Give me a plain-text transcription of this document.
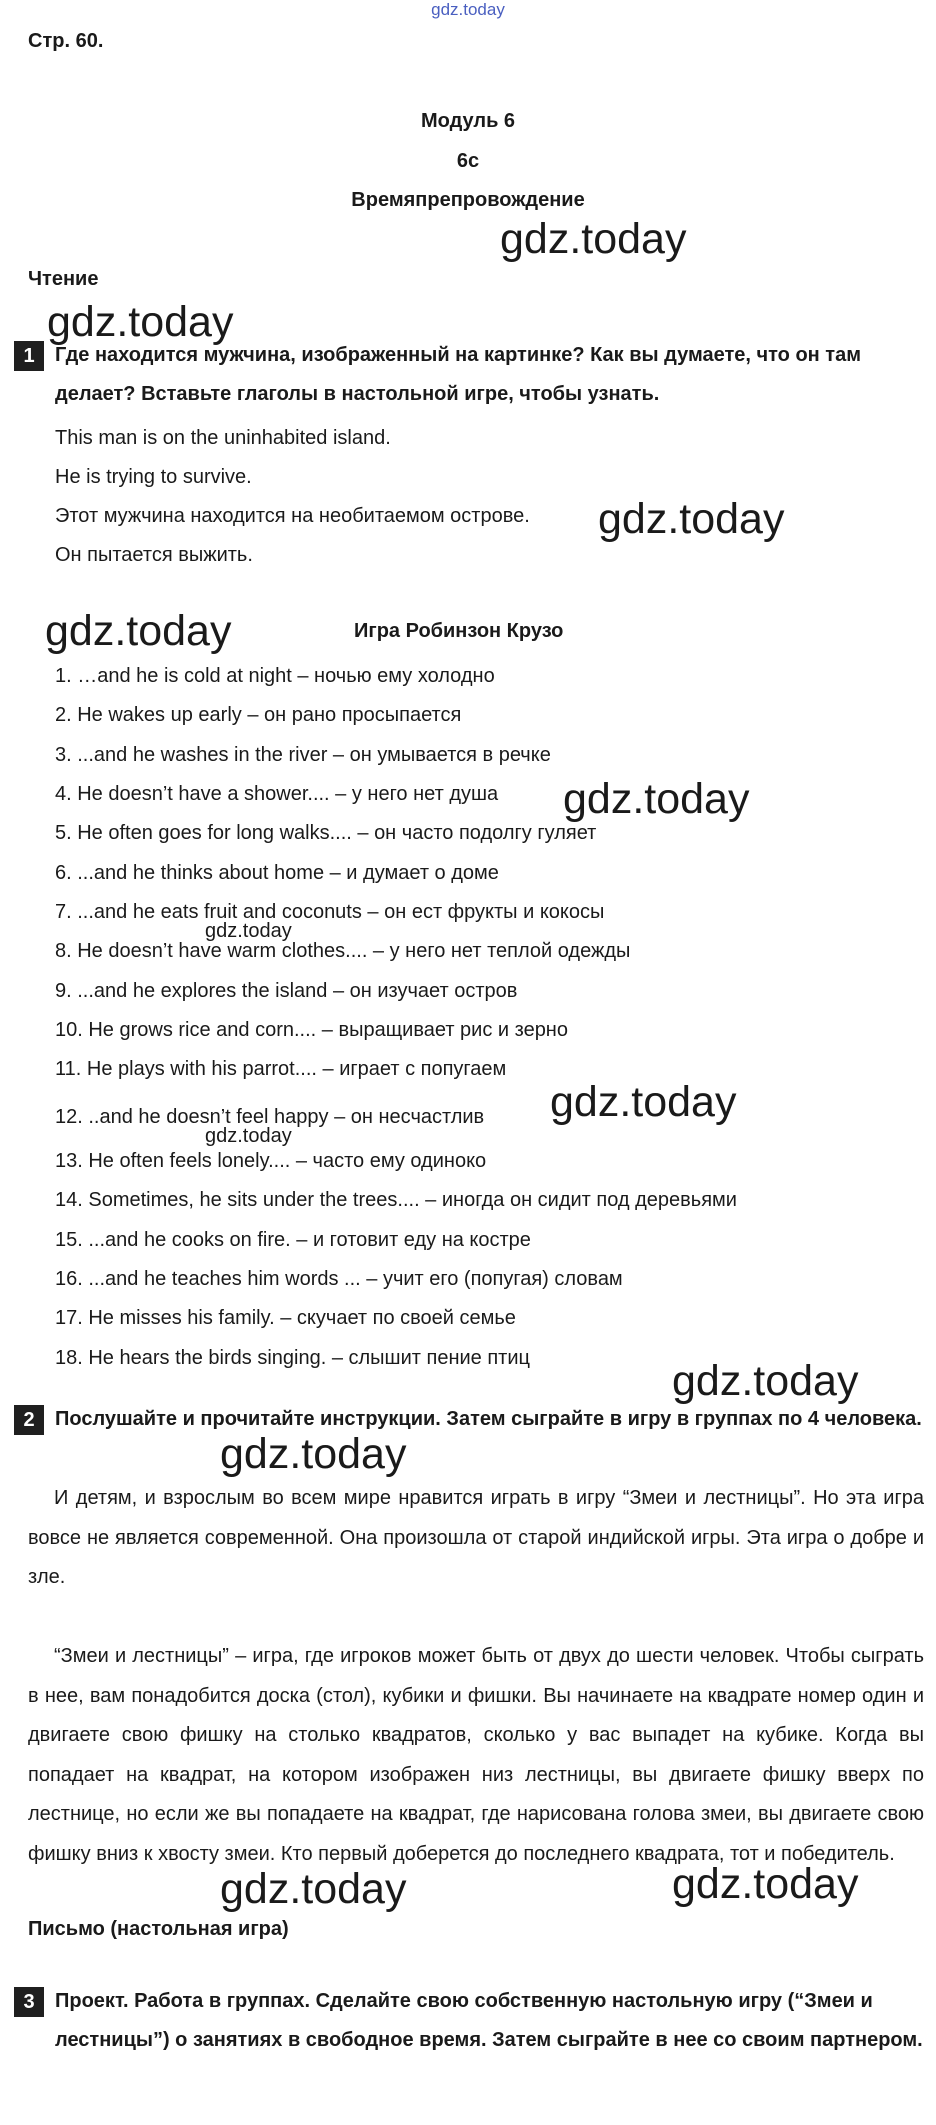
gdz.today
Стр. 60.
Модуль 6
6c
Времяпрепровождение
Чтение
1	Где находится мужчина, изображенный на картинке? Как вы думаете, что он там делает? Вставьте глаголы в настольной игре, чтобы узнать.
This man is on the uninhabited island.
He is trying to survive.
Этот мужчина находится на необитаемом острове.
Он пытается выжить.
Игра Робинзон Крузо
1. …and he is cold at night – ночью ему холодно
2. He wakes up early – он рано просыпается
3. ...and he washes in the river – он умывается в речке
4. He doesn’t have a shower.... – у него нет душа
5. He often goes for long walks.... – он часто подолгу гуляет
6. ...and he thinks about home – и думает о доме
7. ...and he eats fruit and coconuts – он ест фрукты и кокосы
8. He doesn’t have warm clothes.... – у него нет теплой одежды
9. ...and he explores the island – он изучает остров
10. He grows rice and corn.... – выращивает рис и зерно
11. He plays with his parrot.... – играет с попугаем
12. ..and he doesn’t feel happy – он несчастлив
13. He often feels lonely.... – часто ему одиноко
14. Sometimes, he sits under the trees.... – иногда он сидит под деревьями
15. ...and he cooks on fire. – и готовит еду на костре
16. ...and he teaches him words ... – учит его (попугая) словам
17. He misses his family. – скучает по своей семье
18. He hears the birds singing. – слышит пение птиц
2	Послушайте и прочитайте инструкции. Затем сыграйте в игру в группах по 4 человека.
И детям, и взрослым во всем мире нравится играть в игру “Змеи и лестницы”. Но эта игра вовсе не является современной. Она произошла от старой индийской игры. Эта игра о добре и зле.
“Змеи и лестницы” – игра, где игроков может быть от двух до шести человек. Чтобы сыграть в нее, вам понадобится доска (стол), кубики и фишки. Вы начинаете на квадрате номер один и двигаете свою фишку на столько квадратов, сколько у вас выпадет на кубике. Когда вы попадает на квадрат, на котором изображен низ лестницы, вы двигаете фишку вверх по лестнице, но если же вы попадаете на квадрат, где нарисована голова змеи, вы двигаете свою фишку вниз к хвосту змеи. Кто первый доберется до последнего квадрата, тот и победитель.
Письмо (настольная игра)
3	Проект. Работа в группах. Сделайте свою собственную настольную игру (“Змеи и лестницы”) о занятиях в свободное время. Затем сыграйте в нее со своим партнером.
gdz.today
gdz.today
gdz.today
gdz.today
gdz.today
gdz.today
gdz.today
gdz.today
gdz.today
gdz.today
gdz.today	gdz.today
